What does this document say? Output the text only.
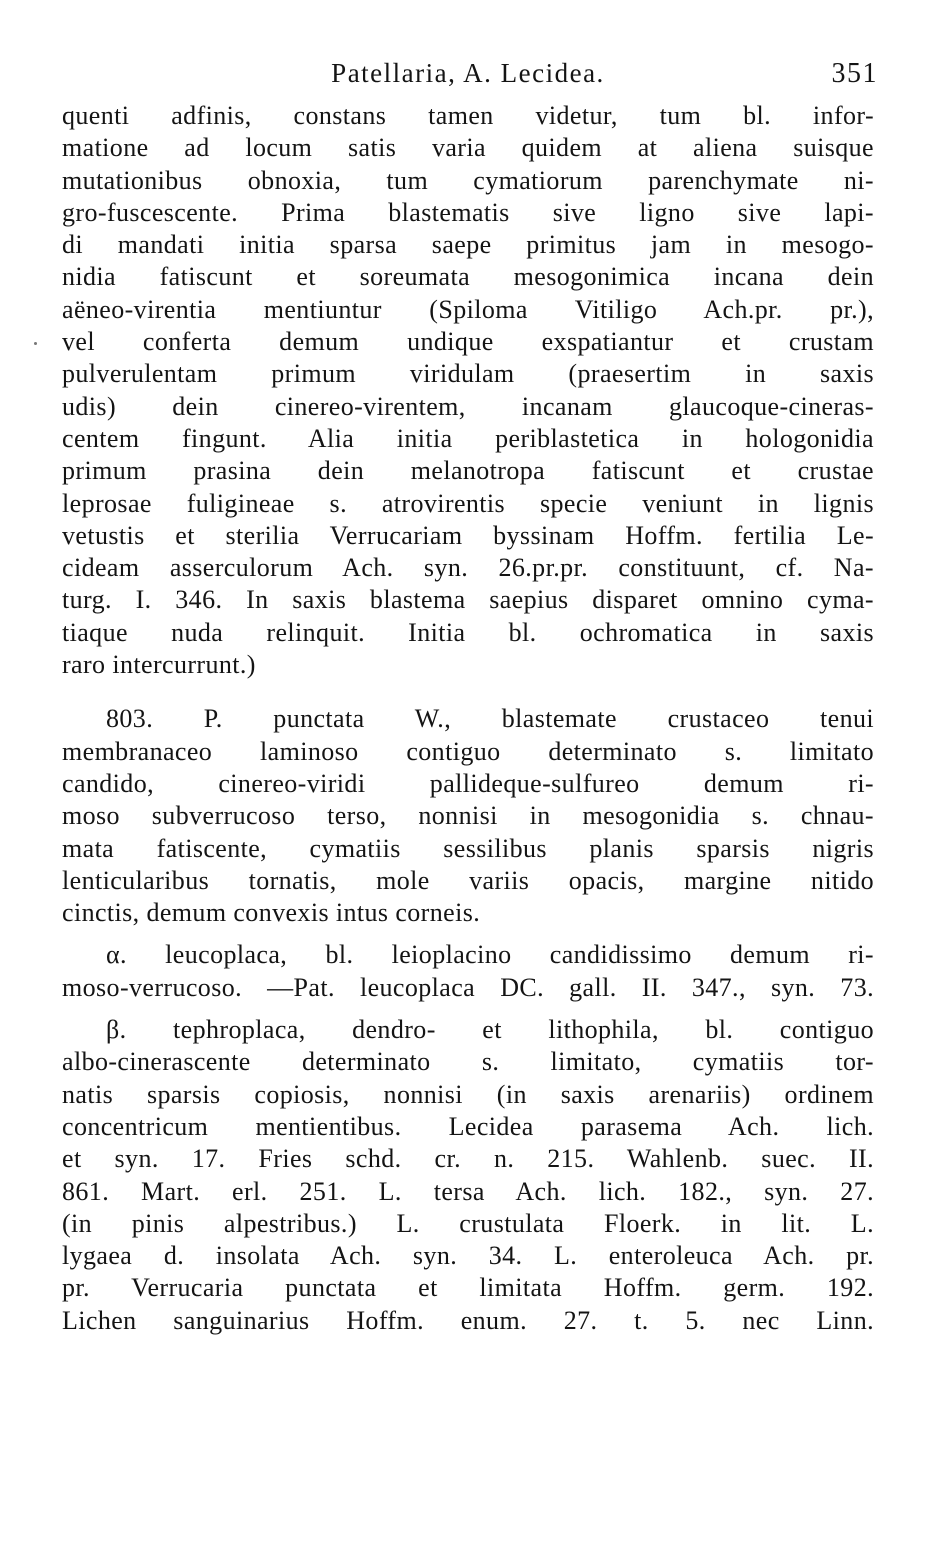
Patellaria, A. Lecidea.	351
quenti adfinis, constans tamen videtur, tum bl. infor-
matione ad locum satis varia quidem at aliena suisque
mutationibus obnoxia, tum cymatiorum parenchymate ni-
gro-fuscescente. Prima blastematis sive ligno sive lapi-
di mandati initia sparsa saepe primitus jam in mesogo-
nidia fatiscunt et soreumata mesogonimica incana dein
aëneo-virentia mentiuntur (Spiloma Vitiligo Ach.pr. pr.),
vel conferta demum undique exspatiantur et crustam
pulverulentam primum viridulam (praesertim in saxis
udis) dein cinereo-virentem, incanam glaucoque-cineras-
centem fingunt. Alia initia periblastetica in hologonidia
primum prasina dein melanotropa fatiscunt et crustae
leprosae fuligineae s. atrovirentis specie veniunt in lignis
vetustis et sterilia Verrucariam byssinam Hoffm. fertilia Le-
cideam asserculorum Ach. syn. 26.pr.pr. constituunt, cf. Na-
turg. I. 346. In saxis blastema saepius disparet omnino cyma-
tiaque nuda relinquit. Initia bl. ochromatica in saxis
raro intercurrunt.)
803. P. punctata W., blastemate crustaceo tenui
membranaceo laminoso contiguo determinato s. limitato
candido, cinereo-viridi pallideque-sulfureo demum ri-
moso subverrucoso terso, nonnisi in mesogonidia s. chnau-
mata fatiscente, cymatiis sessilibus planis sparsis nigris
lenticularibus tornatis, mole variis opacis, margine nitido
cinctis, demum convexis intus corneis.
α. leucoplaca, bl. leioplacino candidissimo demum ri-
moso-verrucoso. —Pat. leucoplaca DC. gall. II. 347., syn. 73.
β. tephroplaca, dendro- et lithophila, bl. contiguo
albo-cinerascente determinato s. limitato, cymatiis tor-
natis sparsis copiosis, nonnisi (in saxis arenariis) ordinem
concentricum mentientibus. Lecidea parasema Ach. lich.
et syn. 17. Fries schd. cr. n. 215. Wahlenb. suec. II.
861. Mart. erl. 251. L. tersa Ach. lich. 182., syn. 27.
(in pinis alpestribus.) L. crustulata Floerk. in lit. L.
lygaea d. insolata Ach. syn. 34. L. enteroleuca Ach. pr.
pr. Verrucaria punctata et limitata Hoffm. germ. 192.
Lichen sanguinarius Hoffm. enum. 27. t. 5. nec Linn.
